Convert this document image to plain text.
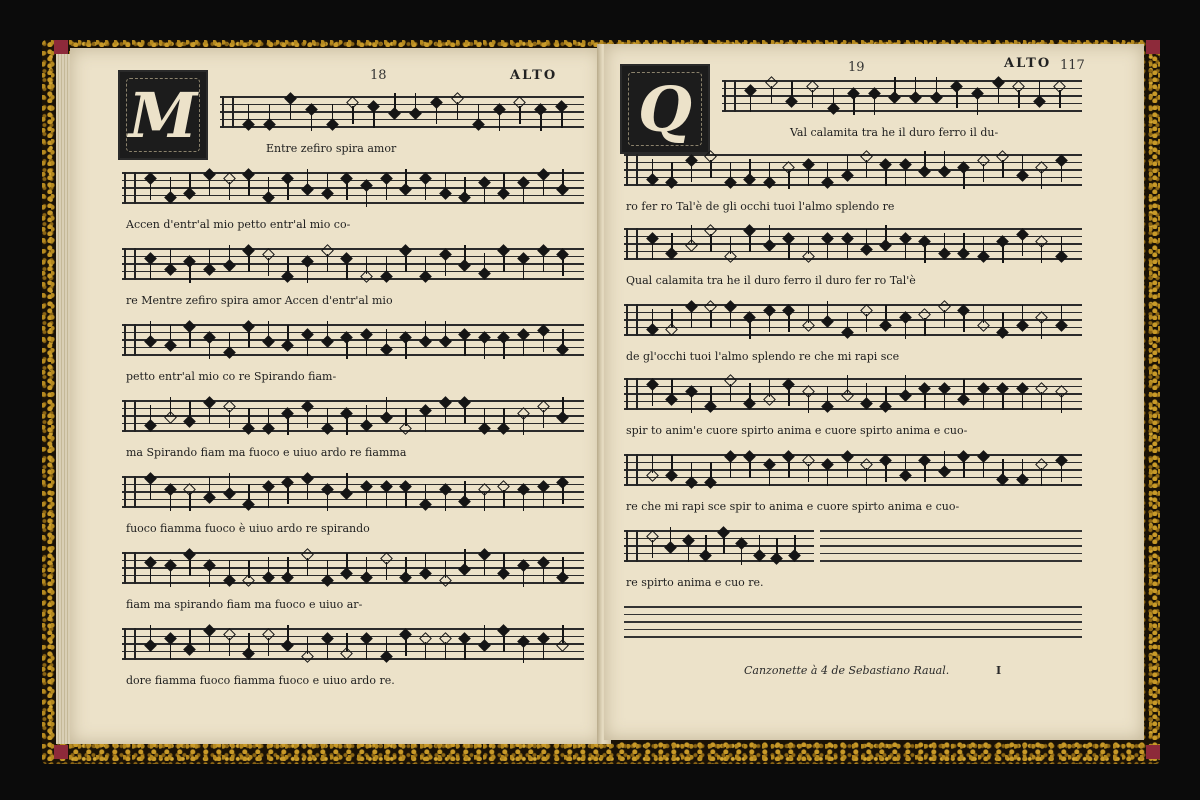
ALTO
18
M	Entre zefiro spira amor
Accen d'entr'al mio petto entr'al mio co-
re Mentre zefiro spira amor Accen d'entr'al mio
petto entr'al mio co re Spirando fiam-
ma Spirando fiam ma fuoco e uiuo ardo re fiamma
fuoco fiamma fuoco è uiuo ardo re spirando
fiam ma spirando fiam ma fuoco e uiuo ar-
dore fiamma fuoco fiamma fuoco e uiuo ardo re.
19	ALTO 117
Q
Canzonette à 4 de Sebastiano Raual.	I
Val calamita tra he il duro ferro il du-
ro fer ro Tal'è de gli occhi tuoi l'almo splendo re
Qual calamita tra he il duro ferro il duro fer ro Tal'è
de gl'occhi tuoi l'almo splendo re che mi rapi sce
spir to anim'e cuore spirto anima e cuore spirto anima e cuo-
re che mi rapi sce spir to anima e cuore spirto anima e cuo-
re spirto anima e cuo re.
